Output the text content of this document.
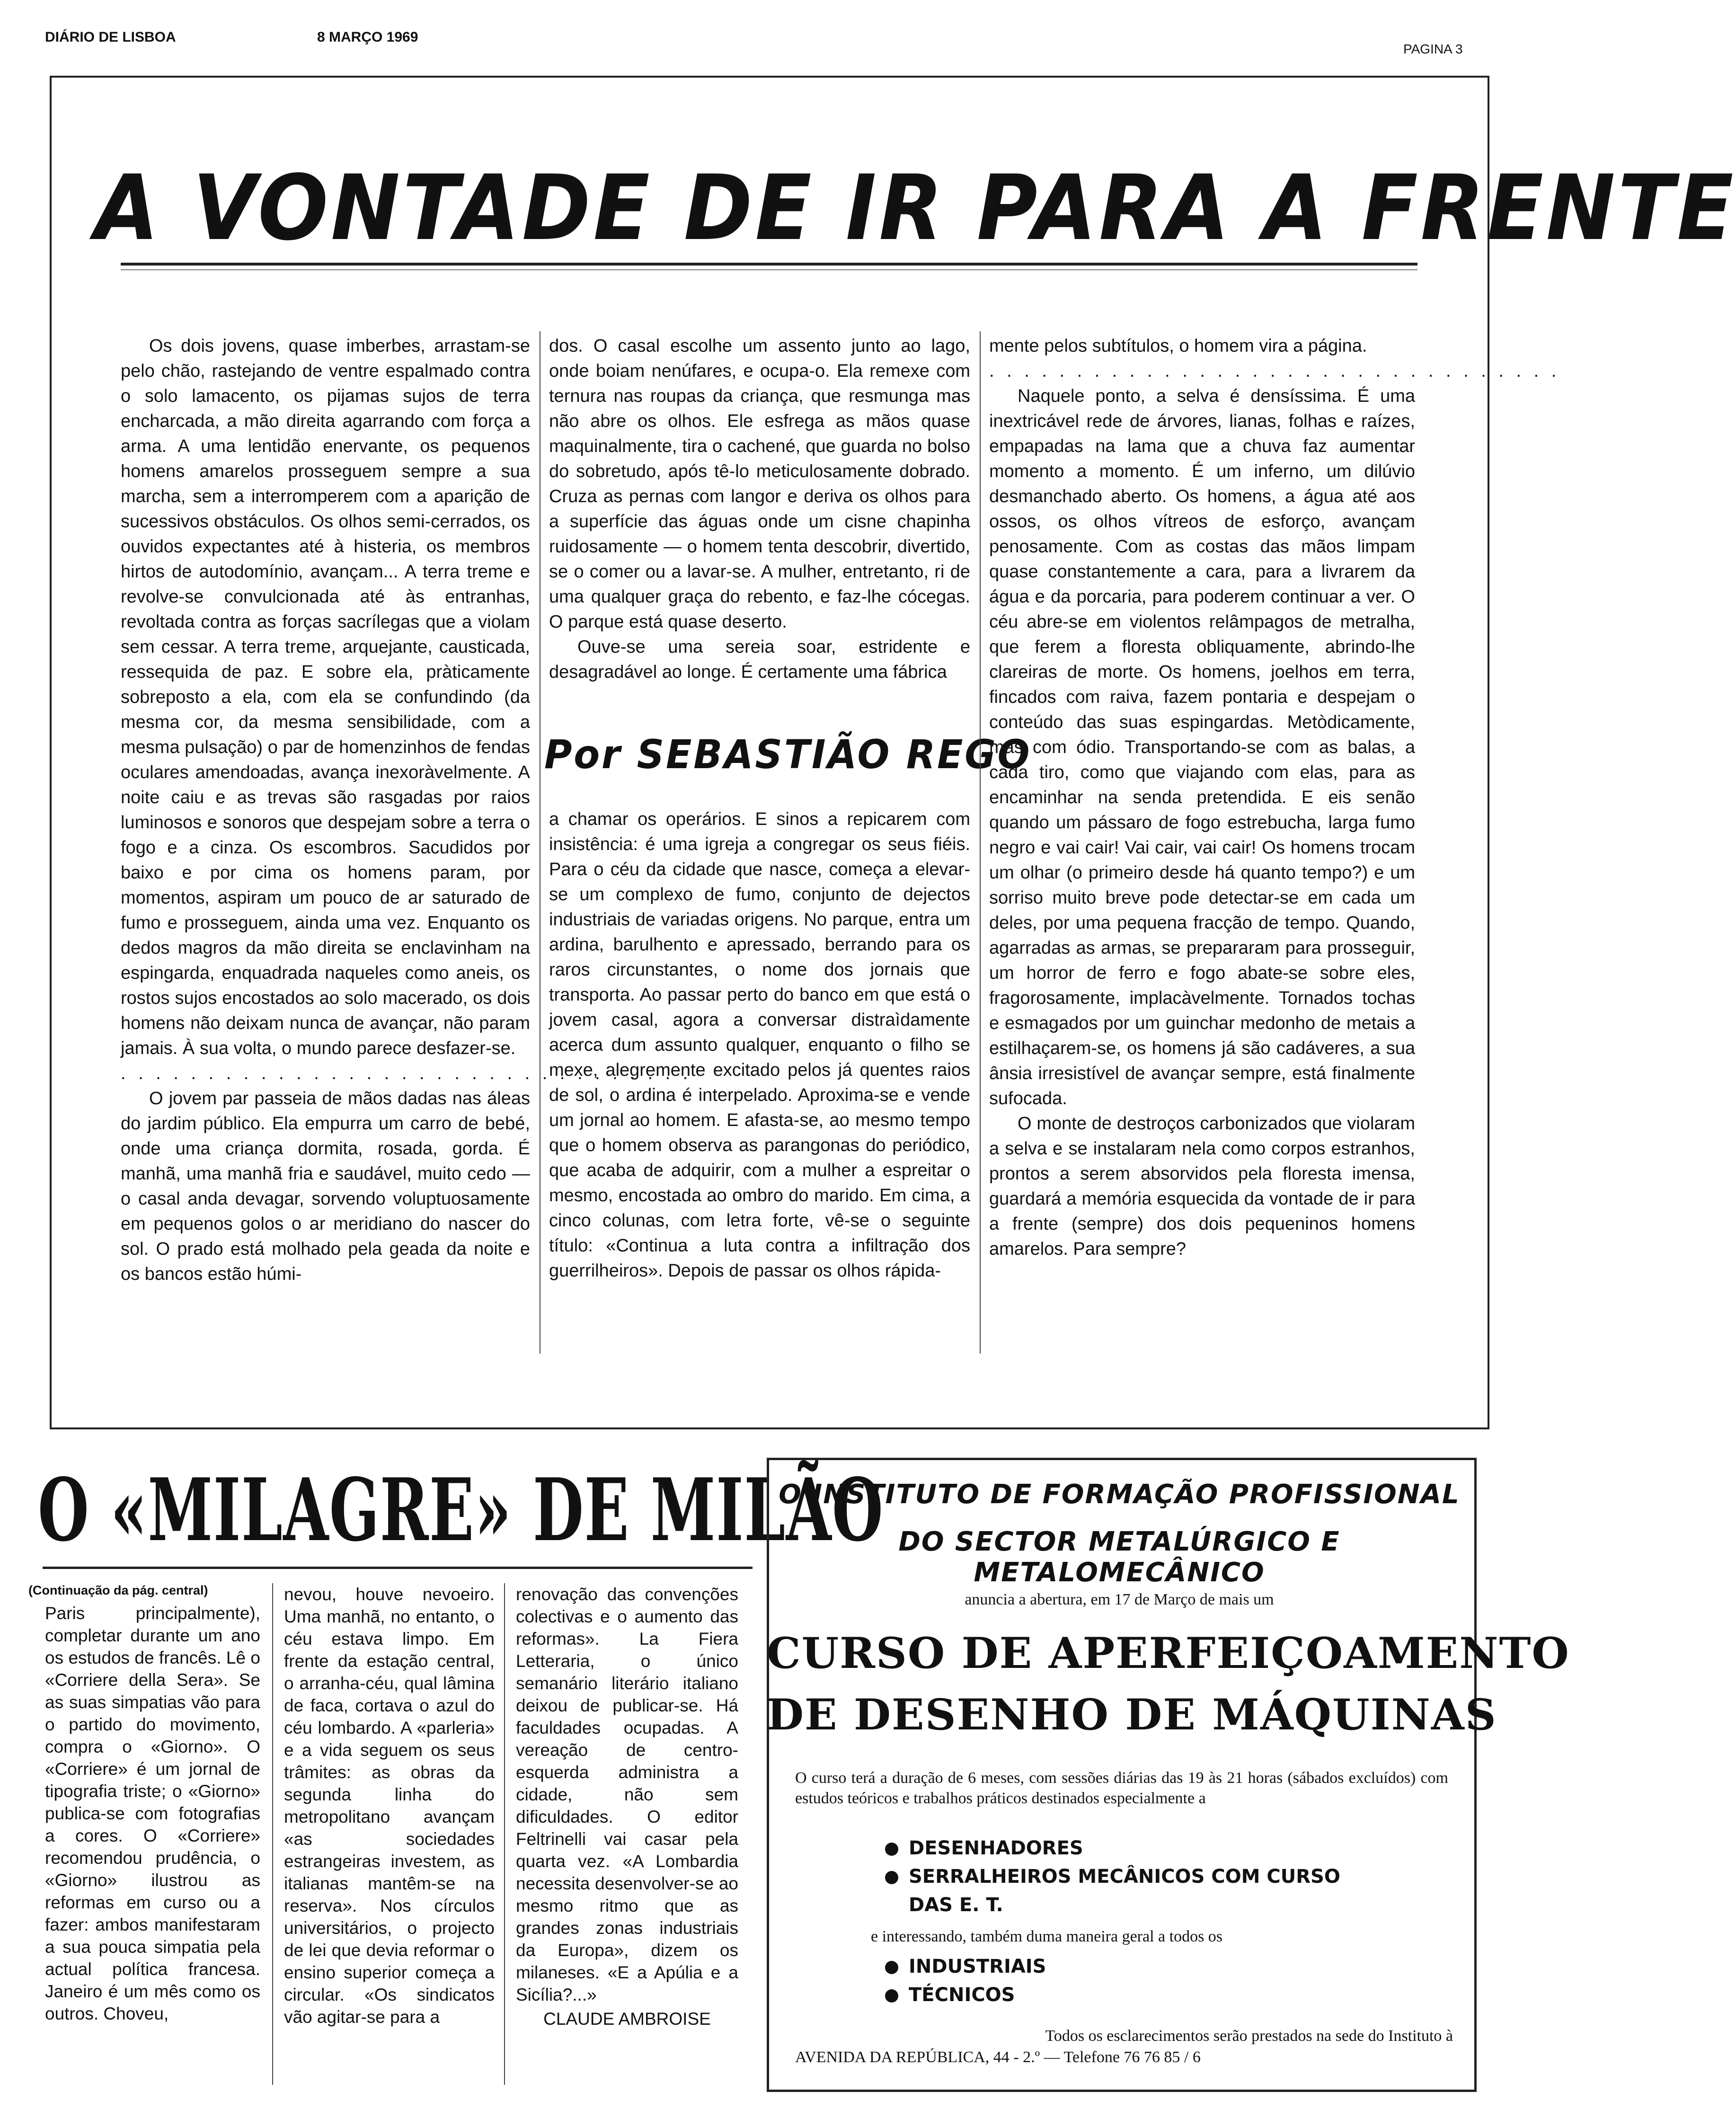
DIÁRIO DE LISBOA	8 MARÇO 1969
PAGINA 3
A VONTADE DE IR PARA A FRENTE

Os dois jovens, quase imberbes, arrastam-se pelo chão, rastejando de ventre espalmado contra o solo lamacento, os pijamas sujos de terra encharcada, a mão direita agarrando com força a arma. A uma lentidão enervante, os pequenos homens amarelos prosseguem sempre a sua marcha, sem a interromperem com a aparição de sucessivos obstáculos. Os olhos semi-cerrados, os ouvidos expectantes até à histeria, os membros hirtos de autodomínio, avançam... A terra treme e revolve-se convulcionada até às entranhas, revoltada contra as forças sacrílegas que a violam sem cessar. A terra treme, arquejante, causticada, ressequida de paz. E sobre ela, pràticamente sobreposto a ela, com ela se confundindo (da mesma cor, da mesma sensibilidade, com a mesma pulsação) o par de homenzinhos de fendas oculares amendoadas, avança inexoràvelmente. A noite caiu e as trevas são rasgadas por raios luminosos e sonoros que despejam sobre a terra o fogo e a cinza. Os escombros. Sacudidos por baixo e por cima os homens param, por momentos, aspiram um pouco de ar saturado de fumo e prosseguem, ainda uma vez. Enquanto os dedos magros da mão direita se enclavinham na espingarda, enquadrada naqueles como aneis, os rostos sujos encostados ao solo macerado, os dois homens não deixam nunca de avançar, não param jamais. À sua volta, o mundo parece desfazer-se.

. . . . . . . . . . . . . . . . . . . . . . . . . . . . . . . . .

O jovem par passeia de mãos dadas nas áleas do jardim público. Ela empurra um carro de bebé, onde uma criança dormita, rosada, gorda. É manhã, uma manhã fria e saudável, muito cedo — o casal anda devagar, sorvendo voluptuosamente em pequenos golos o ar meridiano do nascer do sol. O prado está molhado pela geada da noite e os bancos estão húmi-

dos. O casal escolhe um assento junto ao lago, onde boiam nenúfares, e ocupa-o. Ela remexe com ternura nas roupas da criança, que resmunga mas não abre os olhos. Ele esfrega as mãos quase maquinalmente, tira o cachené, que guarda no bolso do sobretudo, após tê-lo meticulosamente dobrado. Cruza as pernas com langor e deriva os olhos para a superfície das águas onde um cisne chapinha ruidosamente — o homem tenta descobrir, divertido, se o comer ou a lavar-se. A mulher, entretanto, ri de uma qualquer graça do rebento, e faz-lhe cócegas. O parque está quase deserto.

Ouve-se uma sereia soar, estridente e desagradável ao longe. É certamente uma fábrica

Por SEBASTIÃO REGO

a chamar os operários. E sinos a repicarem com insistência: é uma igreja a congregar os seus fiéis. Para o céu da cidade que nasce, começa a elevar-se um complexo de fumo, conjunto de dejectos industriais de variadas origens. No parque, entra um ardina, barulhento e apressado, berrando para os raros circunstantes, o nome dos jornais que transporta. Ao passar perto do banco em que está o jovem casal, agora a conversar distraìdamente acerca dum assunto qualquer, enquanto o filho se mexe, alegremente excitado pelos já quentes raios de sol, o ardina é interpelado. Aproxima-se e vende um jornal ao homem. E afasta-se, ao mesmo tempo que o homem observa as parangonas do periódico, que acaba de adquirir, com a mulher a espreitar o mesmo, encostada ao ombro do marido. Em cima, a cinco colunas, com letra forte, vê-se o seguinte título: «Continua a luta contra a infiltração dos guerrilheiros». Depois de passar os olhos rápida-

mente pelos subtítulos, o homem vira a página.

. . . . . . . . . . . . . . . . . . . . . . . . . . . . . . . . .

Naquele ponto, a selva é densíssima. É uma inextricável rede de árvores, lianas, folhas e raízes, empapadas na lama que a chuva faz aumentar momento a momento. É um inferno, um dilúvio desmanchado aberto. Os homens, a água até aos ossos, os olhos vítreos de esforço, avançam penosamente. Com as costas das mãos limpam quase constantemente a cara, para a livrarem da água e da porcaria, para poderem continuar a ver. O céu abre-se em violentos relâmpagos de metralha, que ferem a floresta obliquamente, abrindo-lhe clareiras de morte. Os homens, joelhos em terra, fincados com raiva, fazem pontaria e despejam o conteúdo das suas espingardas. Metòdicamente, mas com ódio. Transportando-se com as balas, a cada tiro, como que viajando com elas, para as encaminhar na senda pretendida. E eis senão quando um pássaro de fogo estrebucha, larga fumo negro e vai cair! Vai cair, vai cair! Os homens trocam um olhar (o primeiro desde há quanto tempo?) e um sorriso muito breve pode detectar-se em cada um deles, por uma pequena fracção de tempo. Quando, agarradas as armas, se prepararam para prosseguir, um horror de ferro e fogo abate-se sobre eles, fragorosamente, implacàvelmente. Tornados tochas e esmagados por um guinchar medonho de metais a estilhaçarem-se, os homens já são cadáveres, a sua ânsia irresistível de avançar sempre, está finalmente sufocada.

O monte de destroços carbonizados que violaram a selva e se instalaram nela como corpos estranhos, prontos a serem absorvidos pela floresta imensa, guardará a memória esquecida da vontade de ir para a frente (sempre) dos dois pequeninos homens amarelos. Para sempre?

O «MILAGRE» DE MILÃO
(Continuação da pág. central)

Paris principalmente), completar durante um ano os estudos de francês. Lê o «Corriere della Sera». Se as suas simpatias vão para o partido do movimento, compra o «Giorno». O «Corriere» é um jornal de tipografia triste; o «Giorno» publica-se com fotografias a cores. O «Corriere» recomendou prudência, o «Giorno» ilustrou as reformas em curso ou a fazer: ambos manifestaram a sua pouca simpatia pela actual política francesa. Janeiro é um mês como os outros. Choveu,

nevou, houve nevoeiro. Uma manhã, no entanto, o céu estava limpo. Em frente da estação central, o arranha-céu, qual lâmina de faca, cortava o azul do céu lombardo. A «parleria» e a vida seguem os seus trâmites: as obras da segunda linha do metropolitano avançam «as sociedades estrangeiras investem, as italianas mantêm-se na reserva». Nos círculos universitários, o projecto de lei que devia reformar o ensino superior começa a circular. «Os sindicatos vão agitar-se para a

renovação das convenções colectivas e o aumento das reformas». La Fiera Letteraria, o único semanário literário italiano deixou de publicar-se. Há faculdades ocupadas. A vereação de centro-esquerda administra a cidade, não sem dificuldades. O editor Feltrinelli vai casar pela quarta vez. «A Lombardia necessita desenvolver-se ao mesmo ritmo que as grandes zonas industriais da Europa», dizem os milaneses. «E a Apúlia e a Sicília?...»

CLAUDE AMBROISE

O INSTITUTO DE FORMAÇÃO PROFISSIONAL
DO SECTOR METALÚRGICO E METALOMECÂNICO
anuncia a abertura, em 17 de Março de mais um
CURSO DE APERFEIÇOAMENTO
DE DESENHO DE MÁQUINAS
O curso terá a duração de 6 meses, com sessões diárias das 19 às 21 horas (sábados excluídos) com estudos teóricos e trabalhos práticos destinados especialmente a
DESENHADORES
SERRALHEIROS MECÂNICOS COM CURSO
DAS E. T.
e interessando, também duma maneira geral a todos os
INDUSTRIAIS
TÉCNICOS
Todos os esclarecimentos serão prestados na sede do Instituto à
AVENIDA DA REPÚBLICA, 44 - 2.º — Telefone 76 76 85 / 6
